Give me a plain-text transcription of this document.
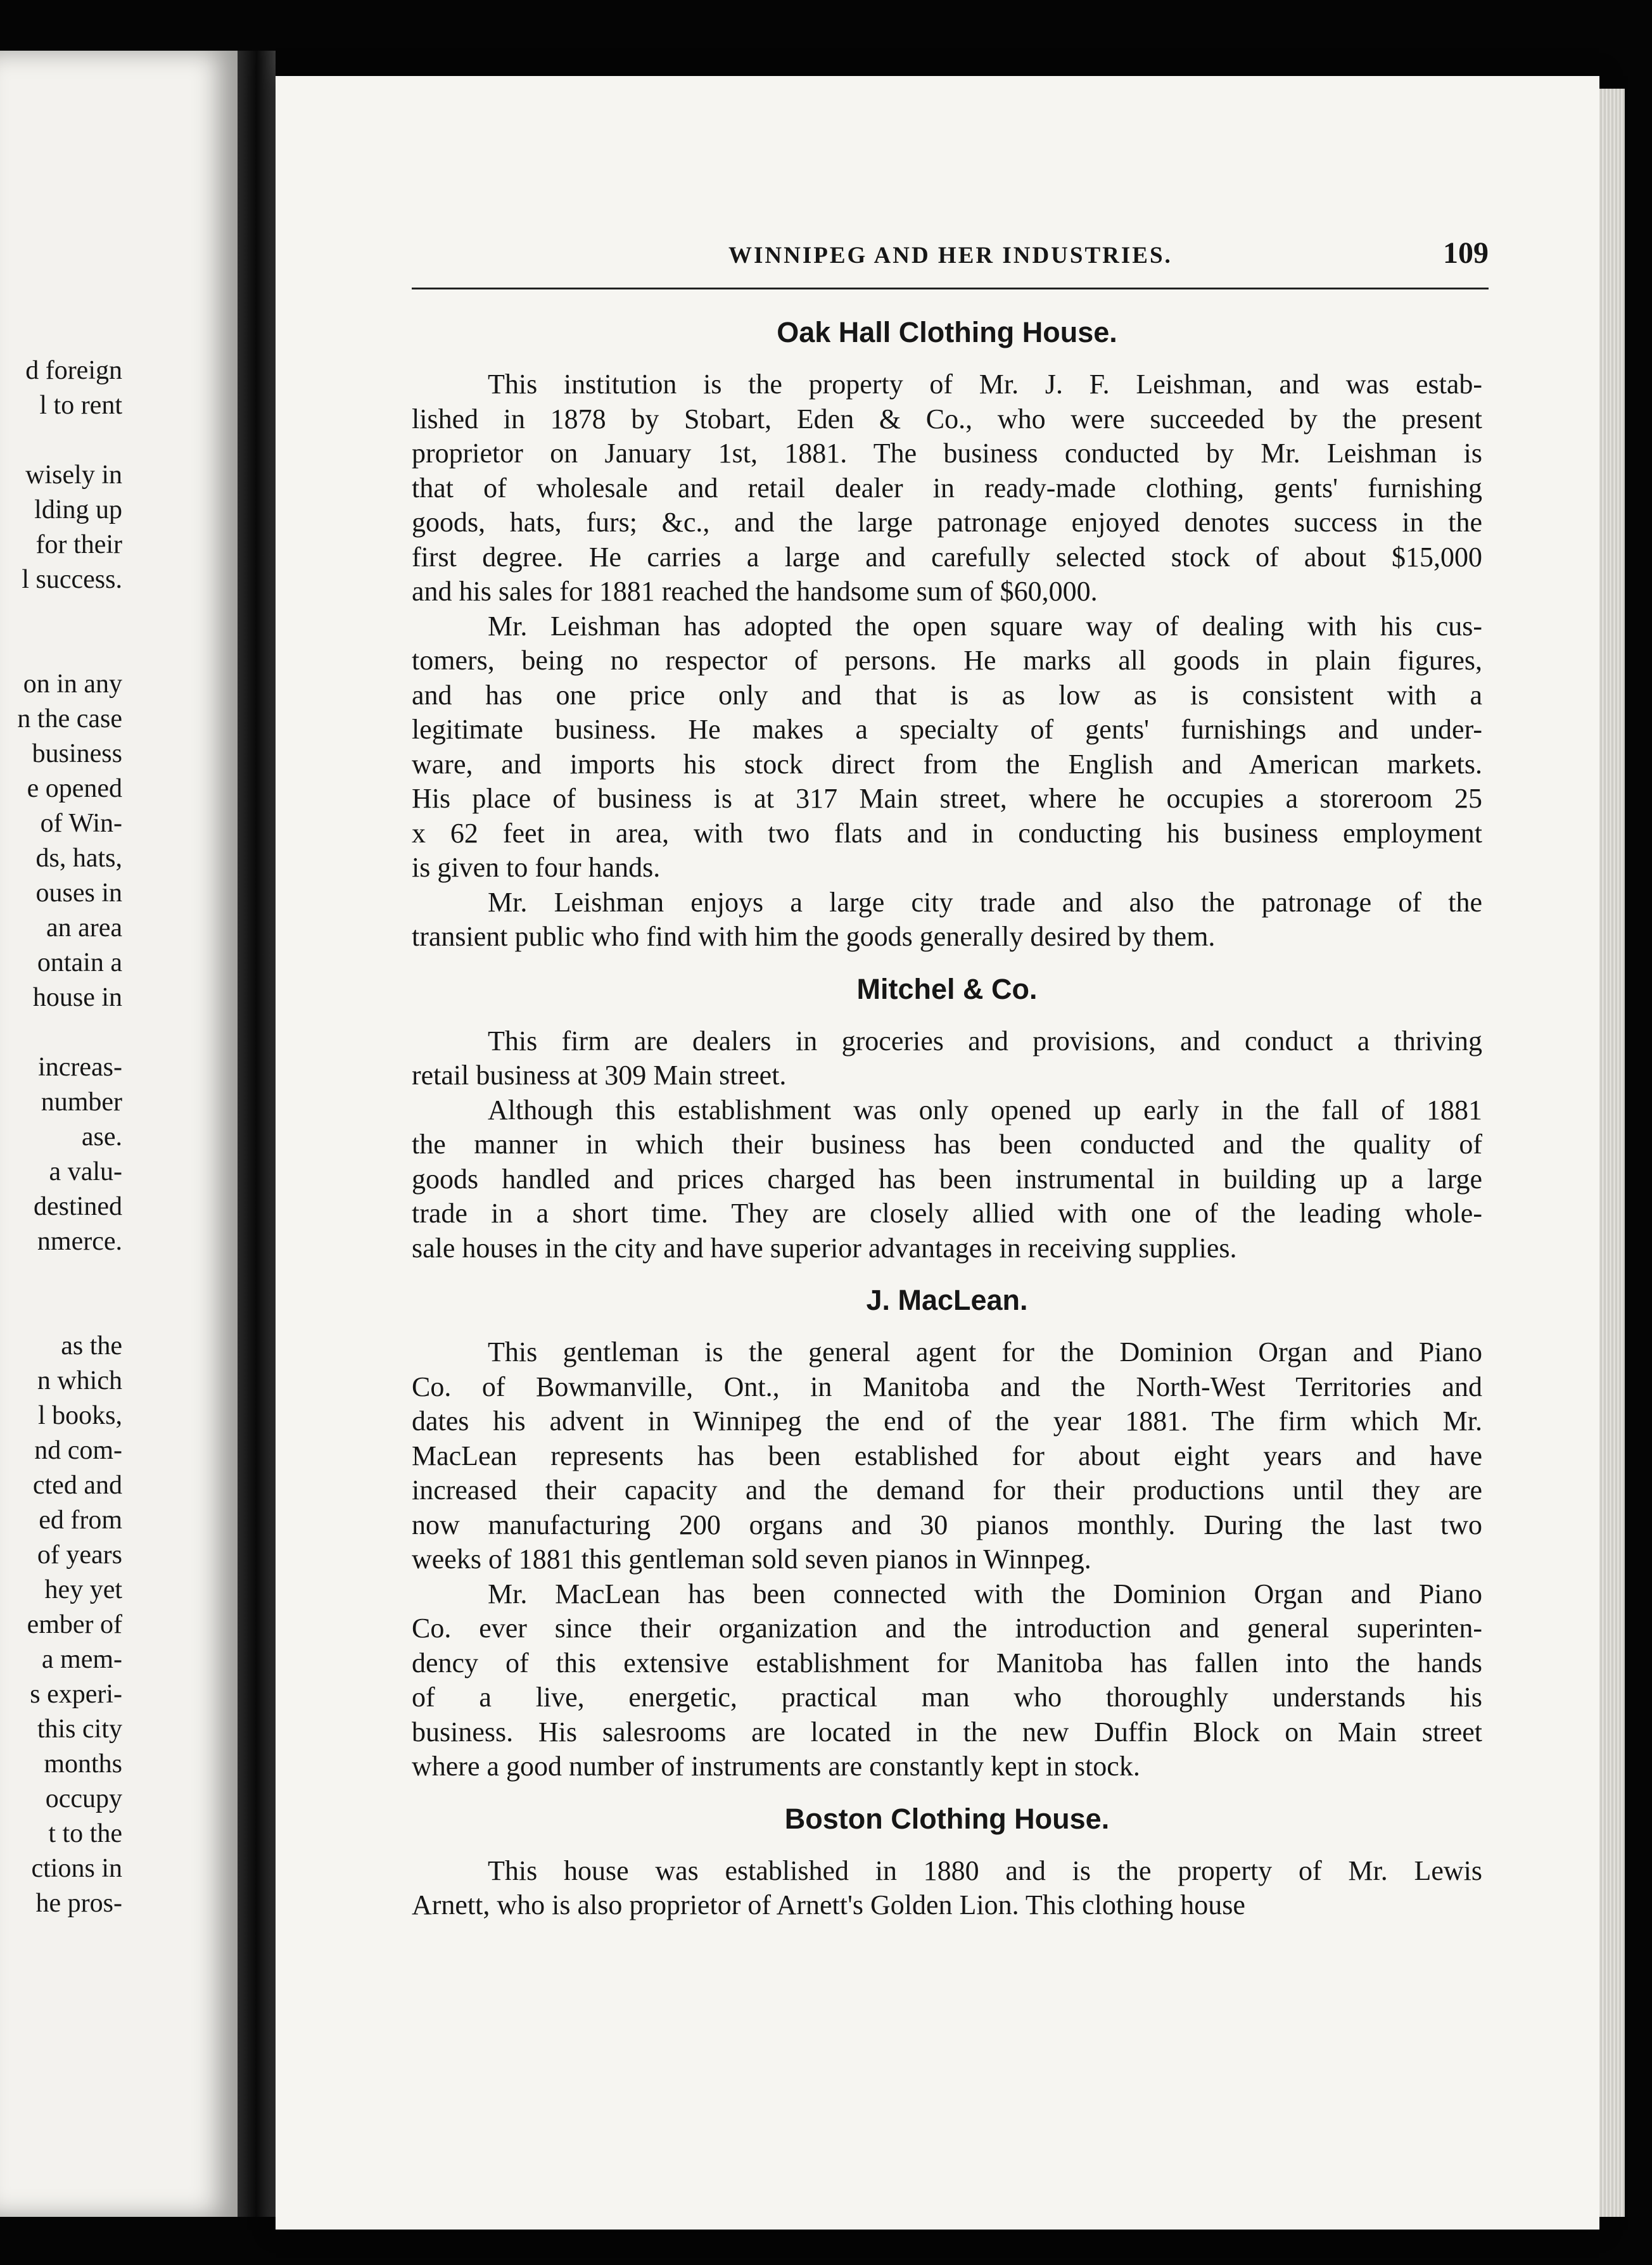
d foreign
l to rent
wisely in
lding up
for their
l success.
on in any
n the case
business
e opened
of Win-
ds, hats,
ouses in
an area
ontain a
house in
increas-
number
ase.
a valu-
destined
nmerce.
as the
n which
l books,
nd com-
cted and
ed from
of years
hey yet
ember of
a mem-
s experi-
this city
months
occupy
t to the
ctions in
he pros-
WINNIPEG AND HER INDUSTRIES.	109
Oak Hall Clothing House.

This institution is the property of Mr. J. F. Leishman, and was estab-
lished in 1878 by Stobart, Eden & Co., who were succeeded by the present
proprietor on January 1st, 1881. The business conducted by Mr. Leishman is
that of wholesale and retail dealer in ready-made clothing, gents' furnishing
goods, hats, furs; &c., and the large patronage enjoyed denotes success in the
first degree. He carries a large and carefully selected stock of about $15,000
and his sales for 1881 reached the handsome sum of $60,000.

Mr. Leishman has adopted the open square way of dealing with his cus-
tomers, being no respector of persons. He marks all goods in plain figures,
and has one price only and that is as low as is consistent with a
legitimate business. He makes a specialty of gents' furnishings and under-
ware, and imports his stock direct from the English and American markets.
His place of business is at 317 Main street, where he occupies a storeroom 25
x 62 feet in area, with two flats and in conducting his business employment
is given to four hands.

Mr. Leishman enjoys a large city trade and also the patronage of the
transient public who find with him the goods generally desired by them.

Mitchel & Co.

This firm are dealers in groceries and provisions, and conduct a thriving
retail business at 309 Main street.

Although this establishment was only opened up early in the fall of 1881
the manner in which their business has been conducted and the quality of
goods handled and prices charged has been instrumental in building up a large
trade in a short time. They are closely allied with one of the leading whole-
sale houses in the city and have superior advantages in receiving supplies.

J. MacLean.

This gentleman is the general agent for the Dominion Organ and Piano
Co. of Bowmanville, Ont., in Manitoba and the North-West Territories and
dates his advent in Winnipeg the end of the year 1881. The firm which Mr.
MacLean represents has been established for about eight years and have
increased their capacity and the demand for their productions until they are
now manufacturing 200 organs and 30 pianos monthly. During the last two
weeks of 1881 this gentleman sold seven pianos in Winnpeg.

Mr. MacLean has been connected with the Dominion Organ and Piano
Co. ever since their organization and the introduction and general superinten-
dency of this extensive establishment for Manitoba has fallen into the hands
of a live, energetic, practical man who thoroughly understands his
business. His salesrooms are located in the new Duffin Block on Main street
where a good number of instruments are constantly kept in stock.

Boston Clothing House.

This house was established in 1880 and is the property of Mr. Lewis
Arnett, who is also proprietor of Arnett's Golden Lion. This clothing house
